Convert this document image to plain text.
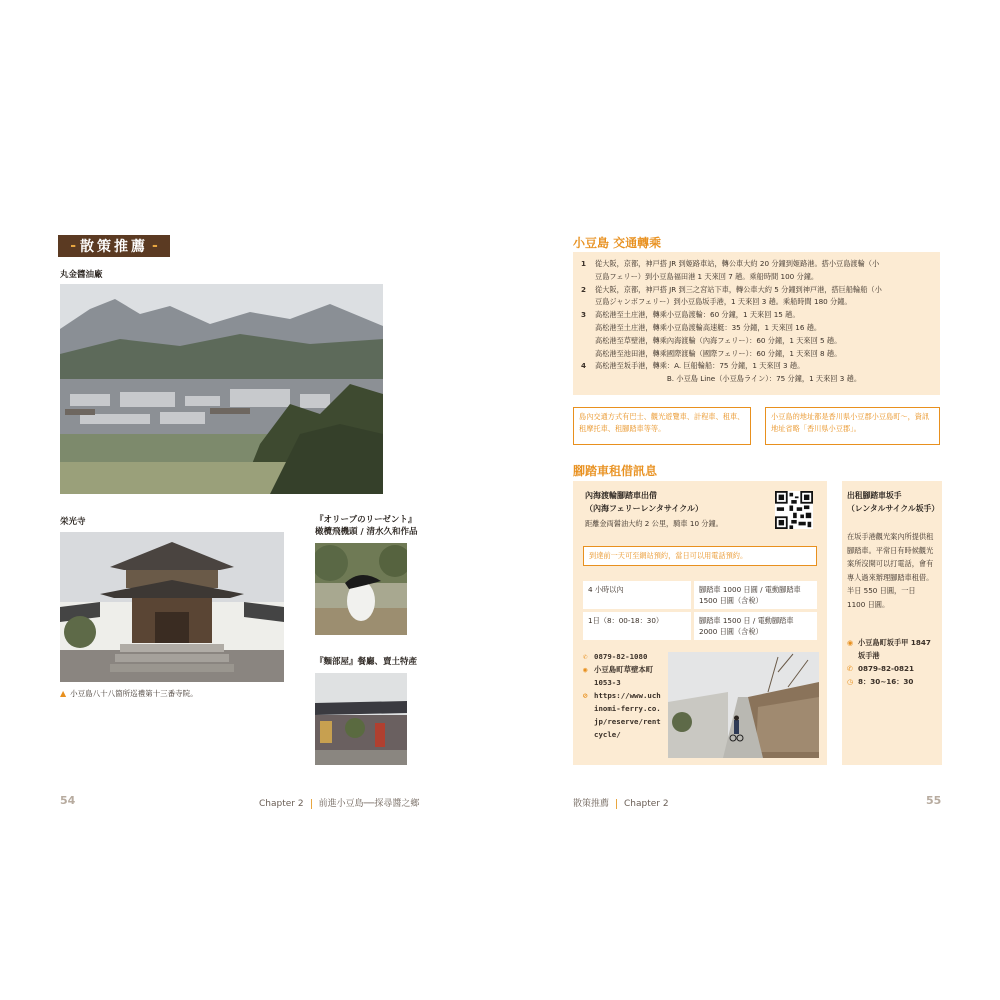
- 散策推薦 -
丸金醬油廠
栄光寺
▲ 小豆島八十八箇所巡禮第十三番寺院。
『オリーブのリーゼント』
橄欖飛機頭 / 清水久和作品
『麵部屋』餐廳、賣土特產
54	Chapter 2 前進小豆島──探尋醬之鄉
小豆島 交通轉乘
1	從大阪，京都，神戸搭 JR 到姬路車站，轉公車大約 20 分鐘到姬路港。搭小豆島渡輪（小
豆島フェリー）到小豆島福田港 1 天來回 7 趟。乘船時間 100 分鐘。
2	從大阪，京都，神戸搭 JR 到三之宮站下車，轉公車大約 5 分鐘到神戸港，搭巨船輪船（小
豆島ジャンボフェリー）到小豆島坂手港，1 天來回 3 趟。乘船時間 180 分鐘。
3	高松港至土庄港，轉乘小豆島渡輪：60 分鐘，1 天來回 15 趟。
高松港至土庄港，轉乘小豆島渡輪高速艇：35 分鐘，1 天來回 16 趟。
高松港至草壁港，轉乘內海渡輪（內海フェリー）：60 分鐘，1 天來回 5 趟。
高松港至池田港，轉乘國際渡輪（國際フェリー）：60 分鐘，1 天來回 8 趟。
4	高松港至坂手港，轉乘：A. 巨船輪船：75 分鐘，1 天來回 3 趟。
　　　　　　　　　　B. 小豆島 Line（小豆島ライン）：75 分鐘，1 天來回 3 趟。
島內交通方式有巴士、觀光遊覽車、計程車、租車、租摩托車、租腳踏車等等。
小豆島的地址都是香川県小豆郡小豆島町〜，資訊地址省略「香川県小豆郡」。
腳踏車租借訊息
內海渡輪腳踏車出借
（內海フェリーレンタサイクル）
距離金両醤油大約 2 公里，騎車 10 分鐘。
到達前一天可至網站預約，當日可以用電話預約。
4 小時以內	腳踏車 1000 日圓 / 電動腳踏車 1500 日圓（含稅）
1日（8：00-18：30）	腳踏車 1500 日 / 電動腳踏車 2000 日圓（含稅）
✆ 0879-82-1080
◉ 小豆島町草壁本町 1053-3
⊘ https://www.uchinomi-ferry.co.jp/reserve/rentcycle/
出租腳踏車坂手
（レンタルサイクル坂手）
在坂手港觀光案內所提供租腳踏車。平常日有時候觀光案所沒開可以打電話，會有專人過來辦理腳踏車租借。半日 550 日圓，一日 1100 日圓。
◉ 小豆島町坂手甲 1847 坂手港
✆ 0879-82-0821
◷ 8：30~16：30
散策推薦 Chapter 2	55
